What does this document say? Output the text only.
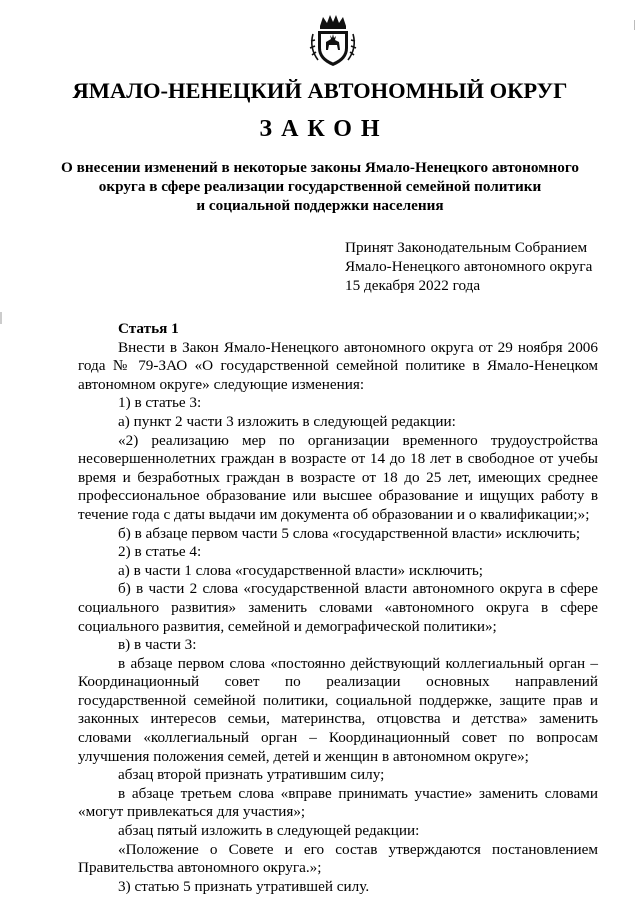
ЯМАЛО-НЕНЕЦКИЙ АВТОНОМНЫЙ ОКРУГ
ЗАКОН
О внесении изменений в некоторые законы Ямало-Ненецкого автономного
округа в сфере реализации государственной семейной политики
и социальной поддержки населения
Принят Законодательным Собранием
Ямало-Ненецкого автономного округа
15 декабря 2022 года

Статья 1

Внести в Закон Ямало-Ненецкого автономного округа от 29 ноября 2006 года № 79-ЗАО «О государственной семейной политике в Ямало-Ненецком автономном округе» следующие изменения:

1) в статье 3:

а) пункт 2 части 3 изложить в следующей редакции:

«2) реализацию мер по организации временного трудоустройства несовершеннолетних граждан в возрасте от 14 до 18 лет в свободное от учебы время и безработных граждан в возрасте от 18 до 25 лет, имеющих среднее профессиональное образование или высшее образование и ищущих работу в течение года с даты выдачи им документа об образовании и о квалификации;»;

б) в абзаце первом части 5 слова «государственной власти» исключить;

2) в статье 4:

а) в части 1 слова «государственной власти» исключить;

б) в части 2 слова «государственной власти автономного округа в сфере социального развития» заменить словами «автономного округа в сфере социального развития, семейной и демографической политики»;

в) в части 3:

в абзаце первом слова «постоянно действующий коллегиальный орган – Координационный совет по реализации основных направлений государственной семейной политики, социальной поддержке, защите прав и законных интересов семьи, материнства, отцовства и детства» заменить словами «коллегиальный орган – Координационный совет по вопросам улучшения положения семей, детей и женщин в автономном округе»;

абзац второй признать утратившим силу;

в абзаце третьем слова «вправе принимать участие» заменить словами «могут привлекаться для участия»;

абзац пятый изложить в следующей редакции:

«Положение о Совете и его состав утверждаются постановлением Правительства автономного округа.»;

3) статью 5 признать утратившей силу.
